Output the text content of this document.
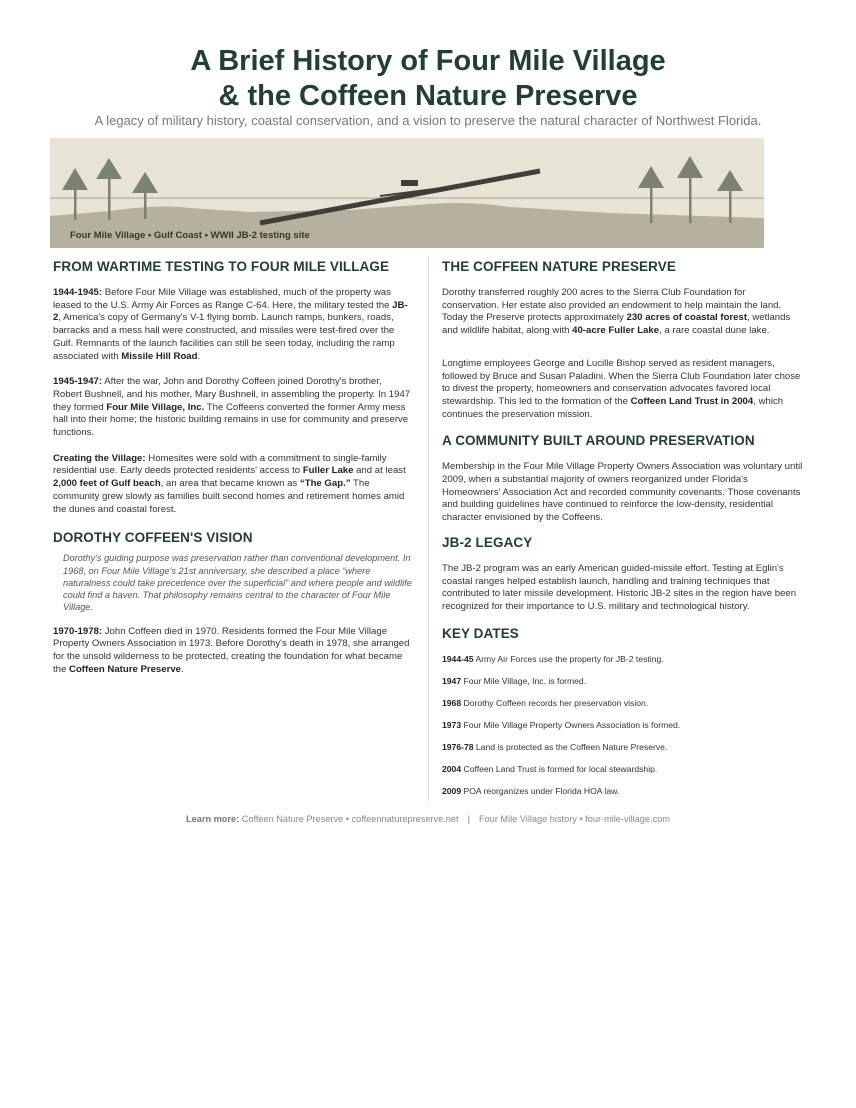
A Brief History of Four Mile Village
& the Coffeen Nature Preserve
A legacy of military history, coastal conservation, and a vision to preserve the natural character of Northwest Florida.
Four Mile Village • Gulf Coast • WWII JB-2 testing site
FROM WARTIME TESTING TO FOUR MILE VILLAGE

1944-1945: Before Four Mile Village was established, much of the property was leased to the U.S. Army Air Forces as Range C-64. Here, the military tested the JB-2, America's copy of Germany's V-1 flying bomb. Launch ramps, bunkers, roads, barracks and a mess hall were constructed, and missiles were test-fired over the Gulf. Remnants of the launch facilities can still be seen today, including the ramp associated with Missile Hill Road.

1945-1947: After the war, John and Dorothy Coffeen joined Dorothy's brother, Robert Bushnell, and his mother, Mary Bushnell, in assembling the property. In 1947 they formed Four Mile Village, Inc. The Coffeens converted the former Army mess hall into their home; the historic building remains in use for community and preserve functions.

Creating the Village: Homesites were sold with a commitment to single-family residential use. Early deeds protected residents' access to Fuller Lake and at least 2,000 feet of Gulf beach, an area that became known as “The Gap.” The community grew slowly as families built second homes and retirement homes amid the dunes and coastal forest.

DOROTHY COFFEEN'S VISION

Dorothy's guiding purpose was preservation rather than conventional development. In 1968, on Four Mile Village's 21st anniversary, she described a place “where naturalness could take precedence over the superficial” and where people and wildlife could find a haven. That philosophy remains central to the character of Four Mile Village.

1970-1978: John Coffeen died in 1970. Residents formed the Four Mile Village Property Owners Association in 1973. Before Dorothy's death in 1978, she arranged for the unsold wilderness to be protected, creating the foundation for what became the Coffeen Nature Preserve.

THE COFFEEN NATURE PRESERVE

Dorothy transferred roughly 200 acres to the Sierra Club Foundation for conservation. Her estate also provided an endowment to help maintain the land. Today the Preserve protects approximately 230 acres of coastal forest, wetlands and wildlife habitat, along with 40-acre Fuller Lake, a rare coastal dune lake.

Longtime employees George and Lucille Bishop served as resident managers, followed by Bruce and Susan Paladini. When the Sierra Club Foundation later chose to divest the property, homeowners and conservation advocates favored local stewardship. This led to the formation of the Coffeen Land Trust in 2004, which continues the preservation mission.

A COMMUNITY BUILT AROUND PRESERVATION

Membership in the Four Mile Village Property Owners Association was voluntary until 2009, when a substantial majority of owners reorganized under Florida's Homeowners' Association Act and recorded community covenants. Those covenants and building guidelines have continued to reinforce the low-density, residential character envisioned by the Coffeens.

JB-2 LEGACY

The JB-2 program was an early American guided-missile effort. Testing at Eglin's coastal ranges helped establish launch, handling and training techniques that contributed to later missile development. Historic JB-2 sites in the region have been recognized for their importance to U.S. military and technological history.

KEY DATES
1944-45 Army Air Forces use the property for JB-2 testing.
1947 Four Mile Village, Inc. is formed.
1968 Dorothy Coffeen records her preservation vision.
1973 Four Mile Village Property Owners Association is formed.
1976-78 Land is protected as the Coffeen Nature Preserve.
2004 Coffeen Land Trust is formed for local stewardship.
2009 POA reorganizes under Florida HOA law.
Learn more: Coffeen Nature Preserve • coffeennaturepreserve.net | Four Mile Village history • four-mile-village.com
